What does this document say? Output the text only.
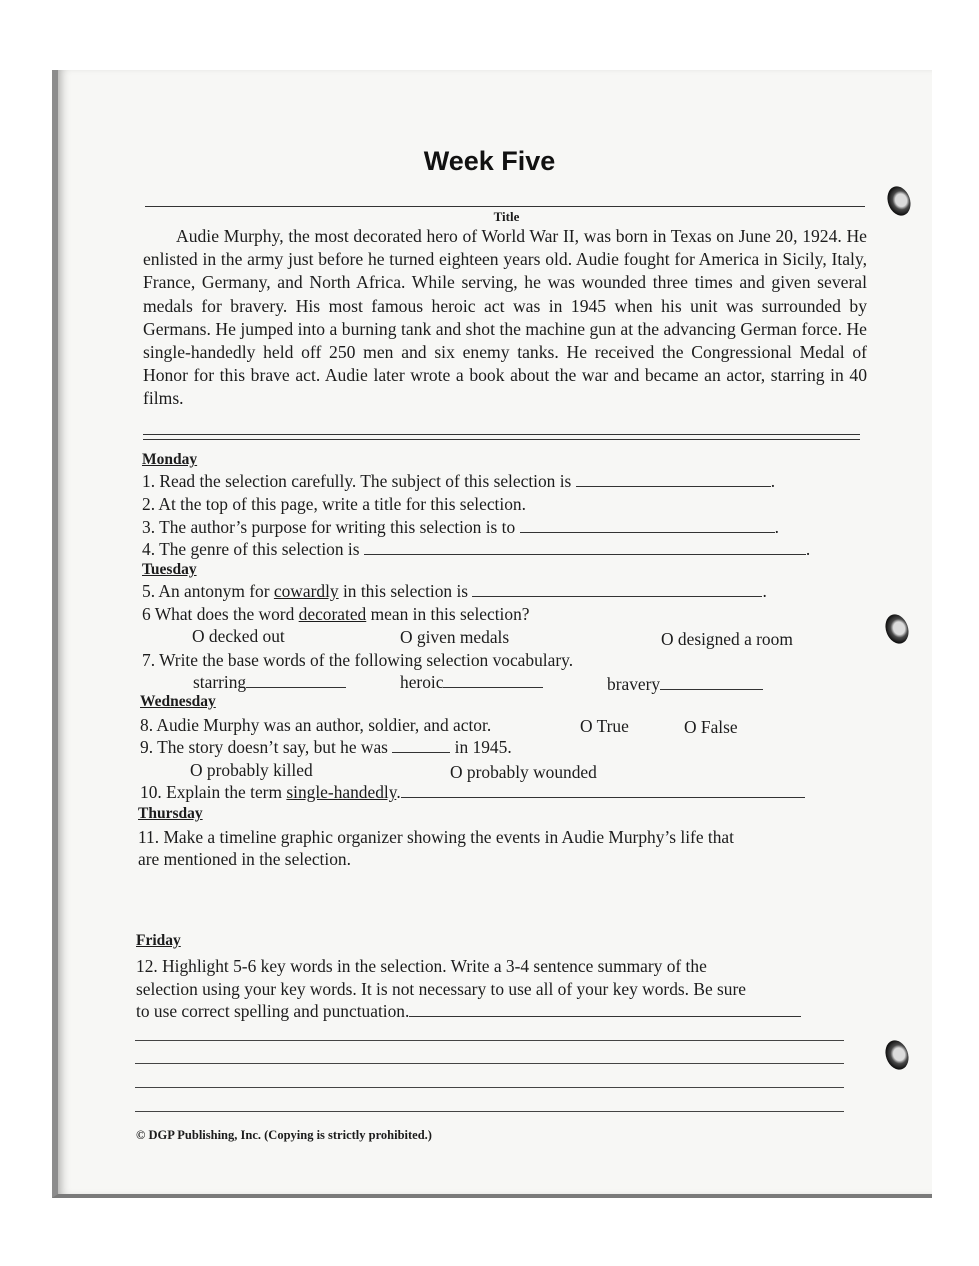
Week Five
Title
Audie Murphy, the most decorated hero of World War II, was born in Texas on June 20, 1924. He enlisted in the army just before he turned eighteen years old. Audie fought for America in Sicily, Italy, France, Germany, and North Africa. While serving, he was wounded three times and given several medals for bravery. His most famous heroic act was in 1945 when his unit was surrounded by Germans. He jumped into a burning tank and shot the machine gun at the advancing German force. He single-handedly held off 250 men and six enemy tanks. He received the Congressional Medal of Honor for this brave act. Audie later wrote a book about the war and became an actor, starring in 40 films.
Monday
1. Read the selection carefully. The subject of this selection is	.
2. At the top of this page, write a title for this selection.
3. The author’s purpose for writing this selection is to	.
4. The genre of this selection is	.
Tuesday
5. An antonym for cowardly in this selection is	.
6 What does the word decorated mean in this selection?
O decked out	O given medals	O designed a room
7. Write the base words of the following selection vocabulary.
starring	heroic	bravery
Wednesday
8. Audie Murphy was an author, soldier, and actor.	O True	O False
9. The story doesn’t say, but he was	in 1945.
O probably killed	O probably wounded
10. Explain the term single-handedly.
Thursday
11. Make a timeline graphic organizer showing the events in Audie Murphy’s life that
are mentioned in the selection.
Friday
12. Highlight 5-6 key words in the selection. Write a 3-4 sentence summary of the
selection using your key words. It is not necessary to use all of your key words. Be sure
to use correct spelling and punctuation.
© DGP Publishing, Inc. (Copying is strictly prohibited.)
